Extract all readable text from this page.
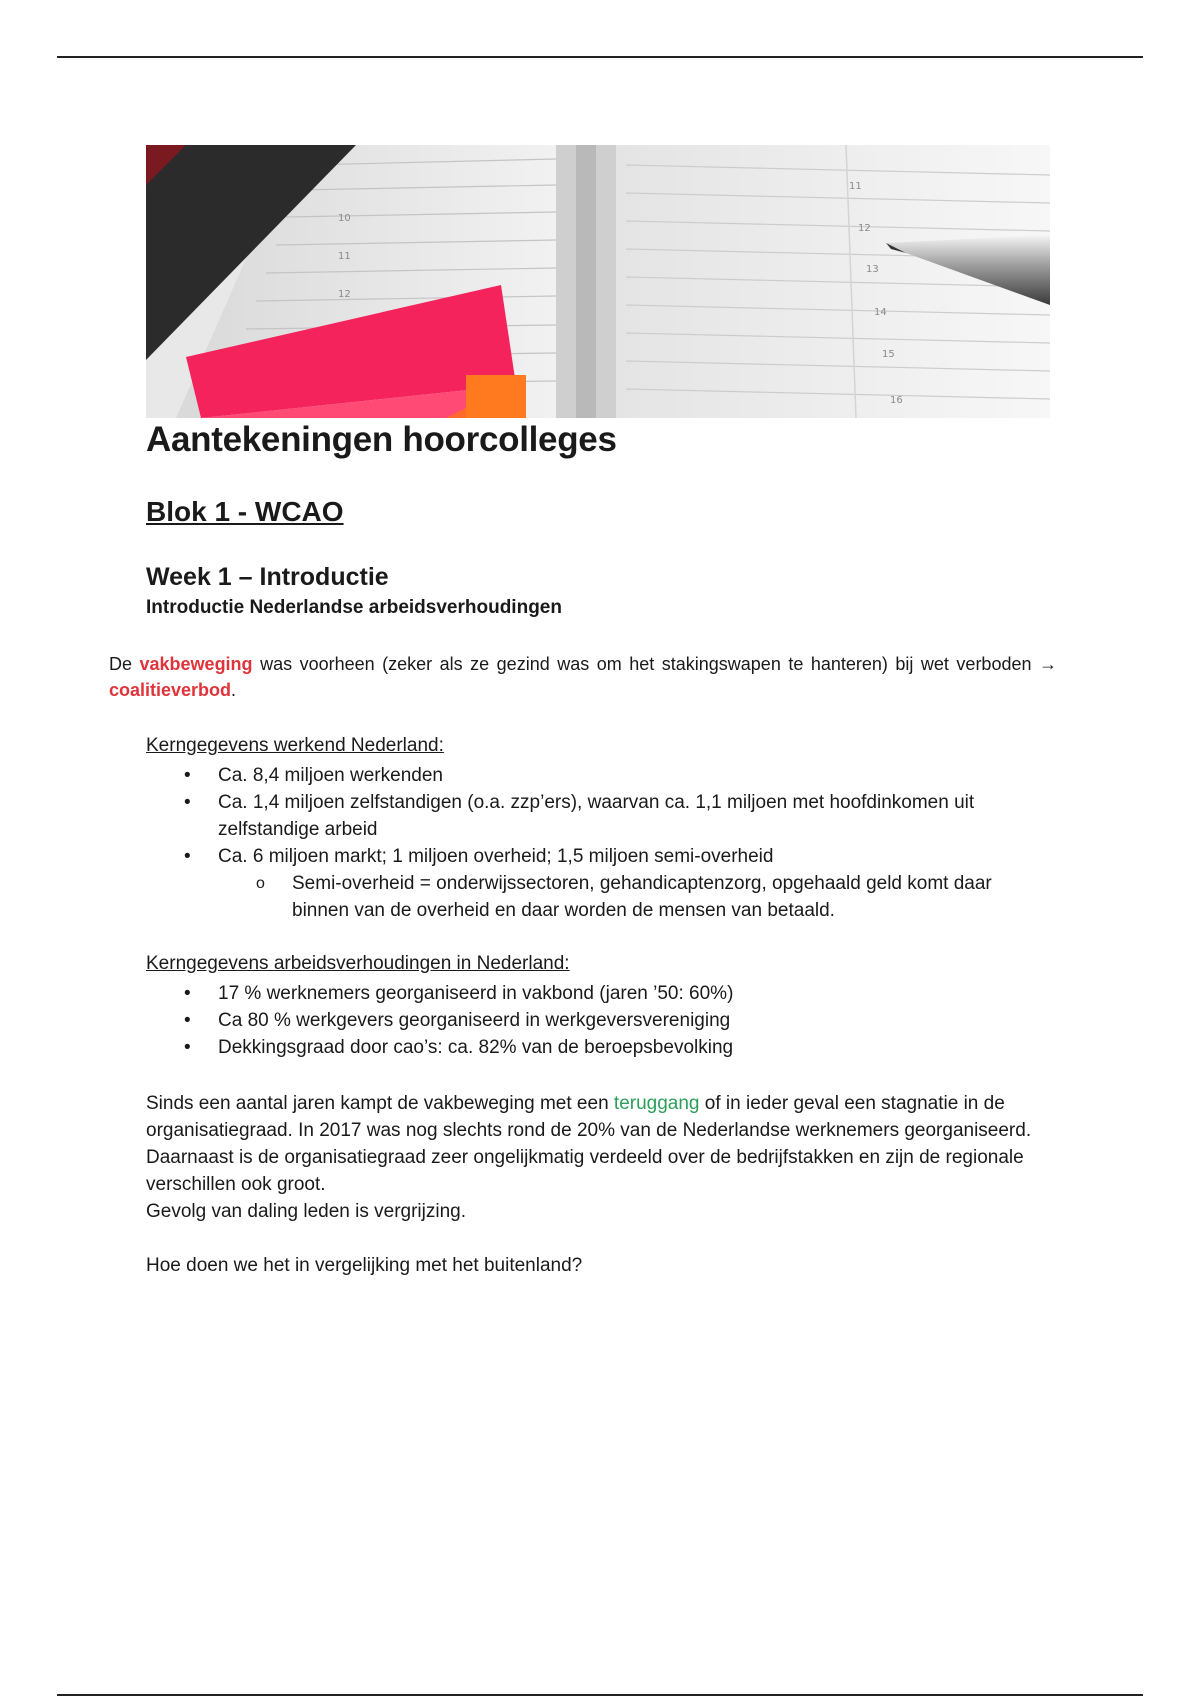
10
11
12
11
12
13
14
15
16
Aantekeningen hoorcolleges
Blok 1 - WCAO
Week 1 – Introductie
Introductie Nederlandse arbeidsverhoudingen
De vakbeweging was voorheen (zeker als ze gezind was om het stakingswapen te hanteren) bij wet verboden → coalitieverbod.
Kerngegevens werkend Nederland:
• Ca. 8,4 miljoen werkenden
• Ca. 1,4 miljoen zelfstandigen (o.a. zzp’ers), waarvan ca. 1,1 miljoen met hoofdinkomen uit zelfstandige arbeid
• Ca. 6 miljoen markt; 1 miljoen overheid; 1,5 miljoen semi-overheid
o Semi-overheid = onderwijssectoren, gehandicaptenzorg, opgehaald geld komt daar binnen van de overheid en daar worden de mensen van betaald.
Kerngegevens arbeidsverhoudingen in Nederland:
• 17 % werknemers georganiseerd in vakbond (jaren ’50: 60%)
• Ca 80 % werkgevers georganiseerd in werkgeversvereniging
• Dekkingsgraad door cao’s: ca. 82% van de beroepsbevolking
Sinds een aantal jaren kampt de vakbeweging met een teruggang of in ieder geval een stagnatie in de organisatiegraad. In 2017 was nog slechts rond de 20% van de Nederlandse werknemers georganiseerd. Daarnaast is de organisatiegraad zeer ongelijkmatig verdeeld over de bedrijfstakken en zijn de regionale verschillen ook groot.
Gevolg van daling leden is vergrijzing.
Hoe doen we het in vergelijking met het buitenland?
